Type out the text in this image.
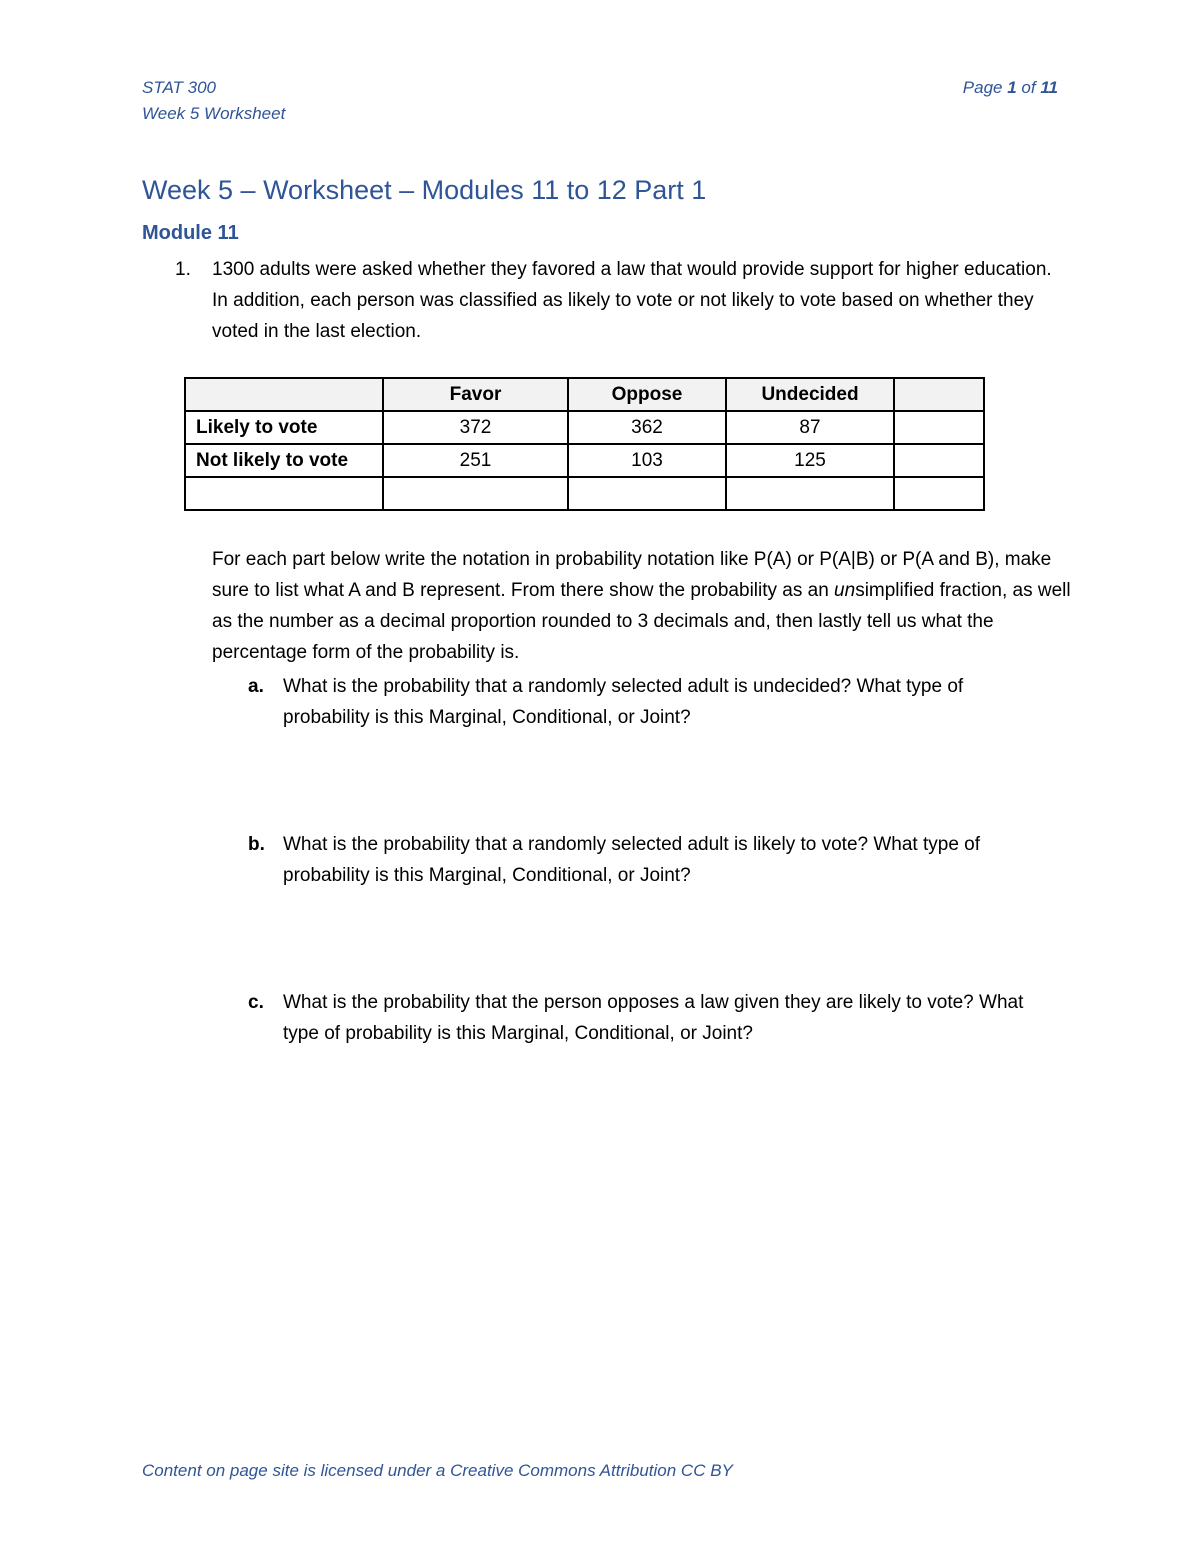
STAT 300
Week 5 Worksheet
Page 1 of 11
Week 5 – Worksheet – Modules 11 to 12 Part 1
Module 11
1. 1300 adults were asked whether they favored a law that would provide support for higher education. In addition, each person was classified as likely to vote or not likely to vote based on whether they voted in the last election.
	Favor	Oppose	Undecided	
Likely to vote	372	362	87	
Not likely to vote	251	103	125	

For each part below write the notation in probability notation like P(A) or P(A|B) or P(A and B), make sure to list what A and B represent. From there show the probability as an unsimplified fraction, as well as the number as a decimal proportion rounded to 3 decimals and, then lastly tell us what the percentage form of the probability is.
a. What is the probability that a randomly selected adult is undecided? What type of probability is this Marginal, Conditional, or Joint?
b. What is the probability that a randomly selected adult is likely to vote? What type of probability is this Marginal, Conditional, or Joint?
c. What is the probability that the person opposes a law given they are likely to vote? What type of probability is this Marginal, Conditional, or Joint?
Content on page site is licensed under a Creative Commons Attribution CC BY
